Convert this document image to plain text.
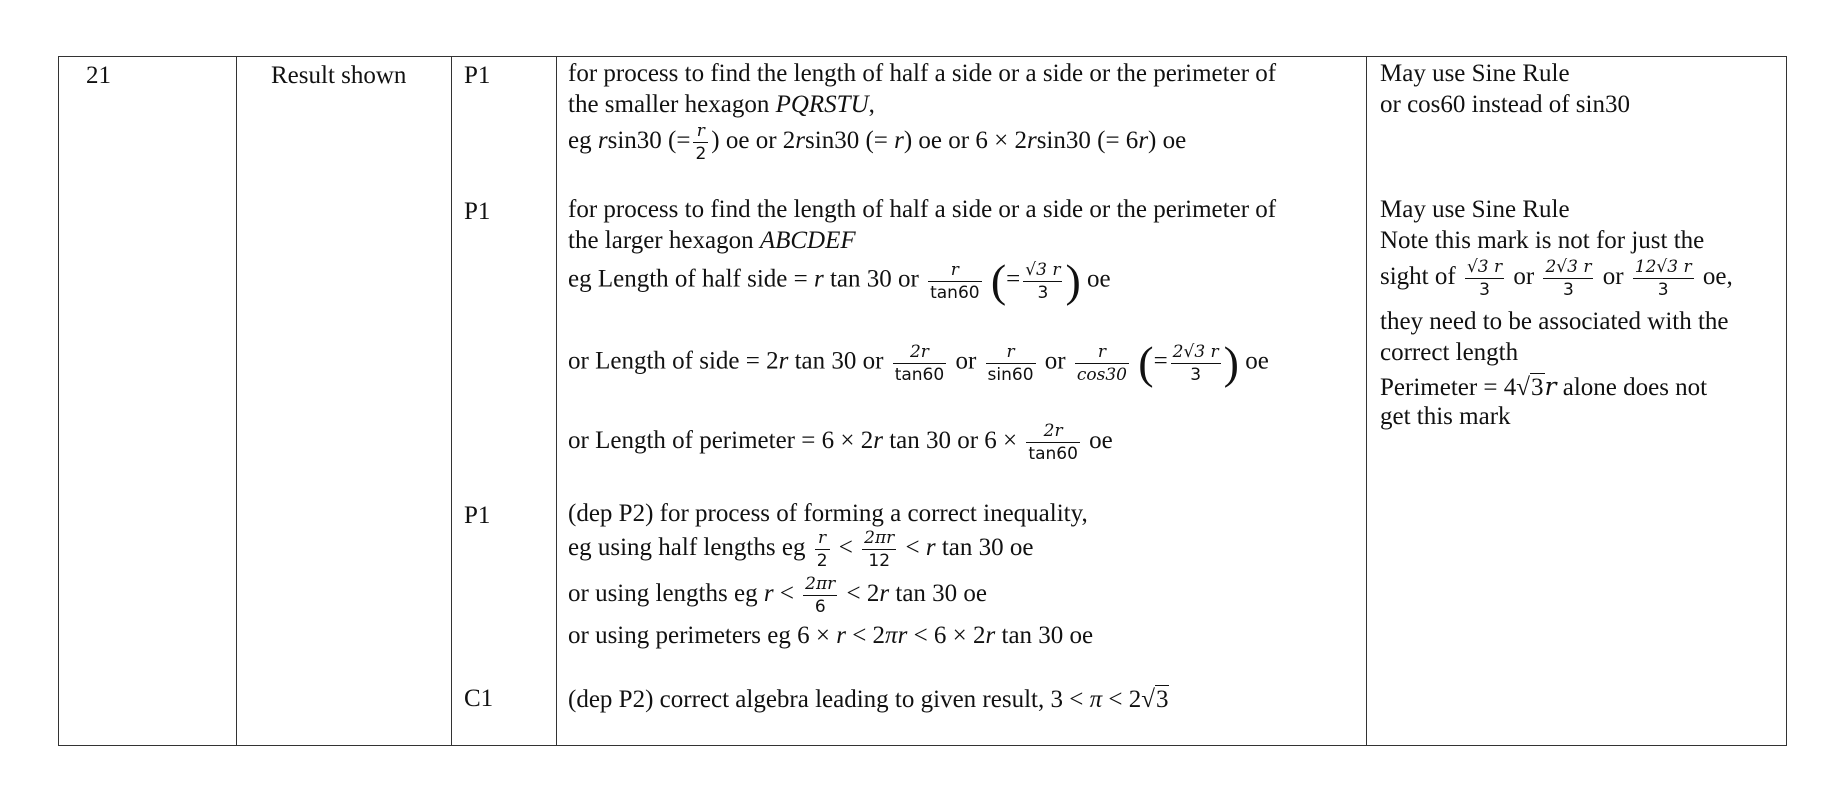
21	Result shown P1
P1
P1
C1
for process to find the length of half a side or a side or the perimeter of
the smaller hexagon PQRSTU,
eg rsin30 (= $\frac{r}{2}$ ) oe or 2rsin30 (= r) oe or 6 × 2rsin30 (= 6r) oe
for process to find the length of half a side or a side or the perimeter of
the larger hexagon ABCDEF
eg Length of half side = r tan 30 or $\frac{r}{\tan 60}$ (= $\frac{√3 r}{3}$ ) oe
or Length of side = 2r tan 30 or $\frac{2r}{\tan 60}$ or $\frac{r}{\sin 60}$ or $\frac{r}{\cos 30}$ (= $\frac{2√3 r}{3}$ ) oe
or Length of perimeter = 6 × 2r tan 30 or $6 \times \frac{2r}{\tan 60}$ oe
(dep P2) for process of forming a correct inequality,
eg using half lengths eg $\frac{r}{2} < \frac{2\pi r}{12} < r$ tan 30 oe
or using lengths eg $r < \frac{2\pi r}{6} < 2r$ tan 30 oe
or using perimeters eg 6 × r < 2πr < 6 × 2r tan 30 oe
(dep P2) correct algebra leading to given result, 3 < π < 2√3
May use Sine Rule
or cos60 instead of sin30
May use Sine Rule
Note this mark is not for just the
sight of $\frac{√3 r}{3}$ or $\frac{2√3 r}{3}$ or $\frac{12√3 r}{3}$ oe,
they need to be associated with the
correct length
Perimeter = 4√3r alone does not
get this mark
